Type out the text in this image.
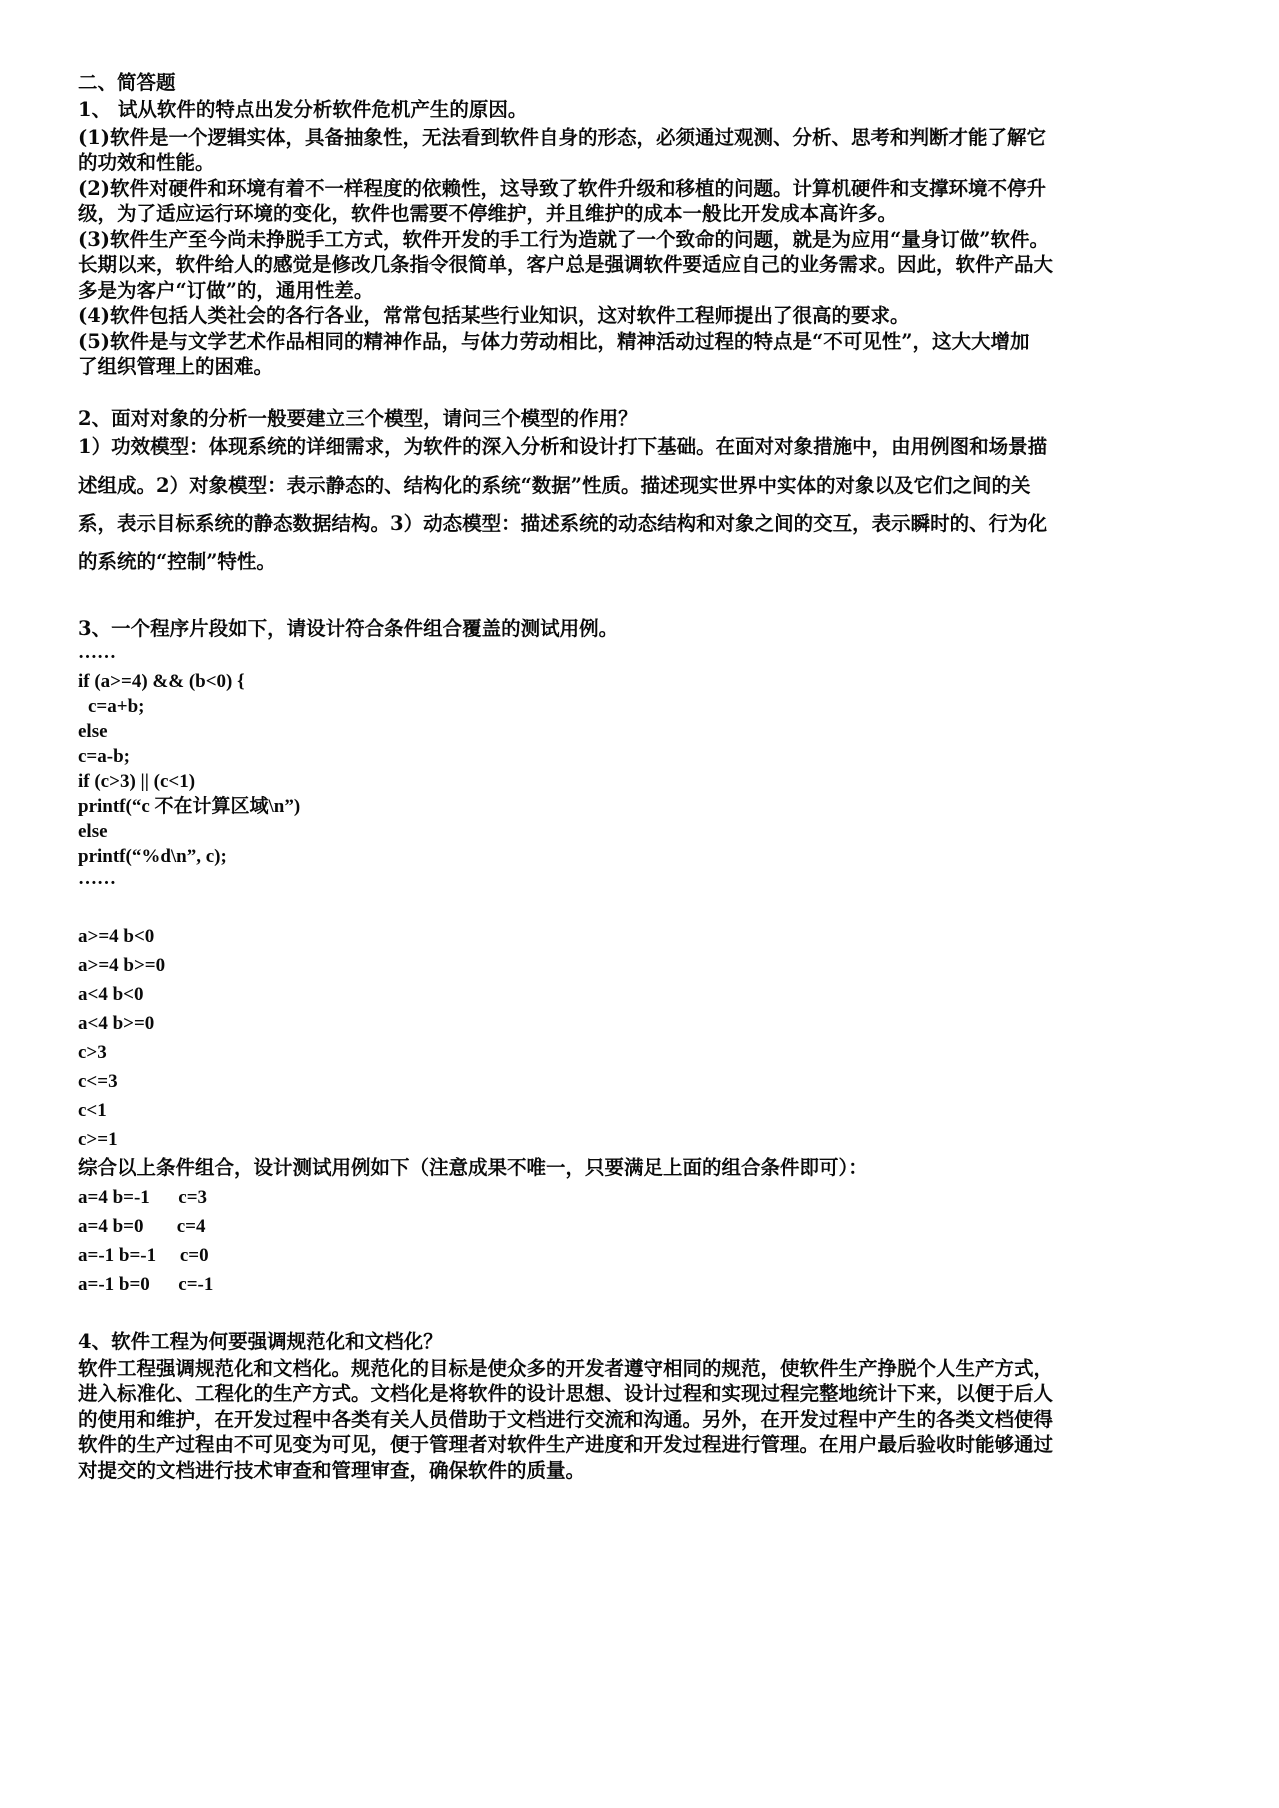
二、简答题

1、 试从软件的特点出发分析软件危机产生的原因。

(1)软件是一个逻辑实体，具备抽象性，无法看到软件自身的形态，必须通过观测、分析、思考和判断才能了解它

的功效和性能。

(2)软件对硬件和环境有着不一样程度的依赖性，这导致了软件升级和移植的问题。计算机硬件和支撑环境不停升

级，为了适应运行环境的变化，软件也需要不停维护，并且维护的成本一般比开发成本高许多。

(3)软件生产至今尚未挣脱手工方式，软件开发的手工行为造就了一个致命的问题，就是为应用“量身订做”软件。

长期以来，软件给人的感觉是修改几条指令很简单，客户总是强调软件要适应自己的业务需求。因此，软件产品大

多是为客户“订做”的，通用性差。

(4)软件包括人类社会的各行各业，常常包括某些行业知识，这对软件工程师提出了很高的要求。

(5)软件是与文学艺术作品相同的精神作品，与体力劳动相比，精神活动过程的特点是“不可见性”，这大大增加

了组织管理上的困难。

2、面对对象的分析一般要建立三个模型，请问三个模型的作用？

1）功效模型：体现系统的详细需求，为软件的深入分析和设计打下基础。在面对对象措施中，由用例图和场景描

述组成。2）对象模型：表示静态的、结构化的系统“数据”性质。描述现实世界中实体的对象以及它们之间的关

系，表示目标系统的静态数据结构。3）动态模型：描述系统的动态结构和对象之间的交互，表示瞬时的、行为化

的系统的“控制”特性。

3、一个程序片段如下，请设计符合条件组合覆盖的测试用例。

……

if (a>=4) && (b<0) {

c=a+b;

else

c=a-b;

if (c>3) || (c<1)

printf(“c 不在计算区域\n”)

else

printf(“%d\n”, c);

……

a>=4 b<0

a>=4 b>=0

a<4 b<0

a<4 b>=0

c>3

c<=3

c<1

c>=1

综合以上条件组合，设计测试用例如下（注意成果不唯一，只要满足上面的组合条件即可）：

a=4 b=-1      c=3

a=4 b=0       c=4

a=-1 b=-1     c=0

a=-1 b=0      c=-1

4、软件工程为何要强调规范化和文档化？

软件工程强调规范化和文档化。规范化的目标是使众多的开发者遵守相同的规范，使软件生产挣脱个人生产方式，

进入标准化、工程化的生产方式。文档化是将软件的设计思想、设计过程和实现过程完整地统计下来，以便于后人

的使用和维护，在开发过程中各类有关人员借助于文档进行交流和沟通。另外，在开发过程中产生的各类文档使得

软件的生产过程由不可见变为可见，便于管理者对软件生产进度和开发过程进行管理。在用户最后验收时能够通过

对提交的文档进行技术审查和管理审查，确保软件的质量。
